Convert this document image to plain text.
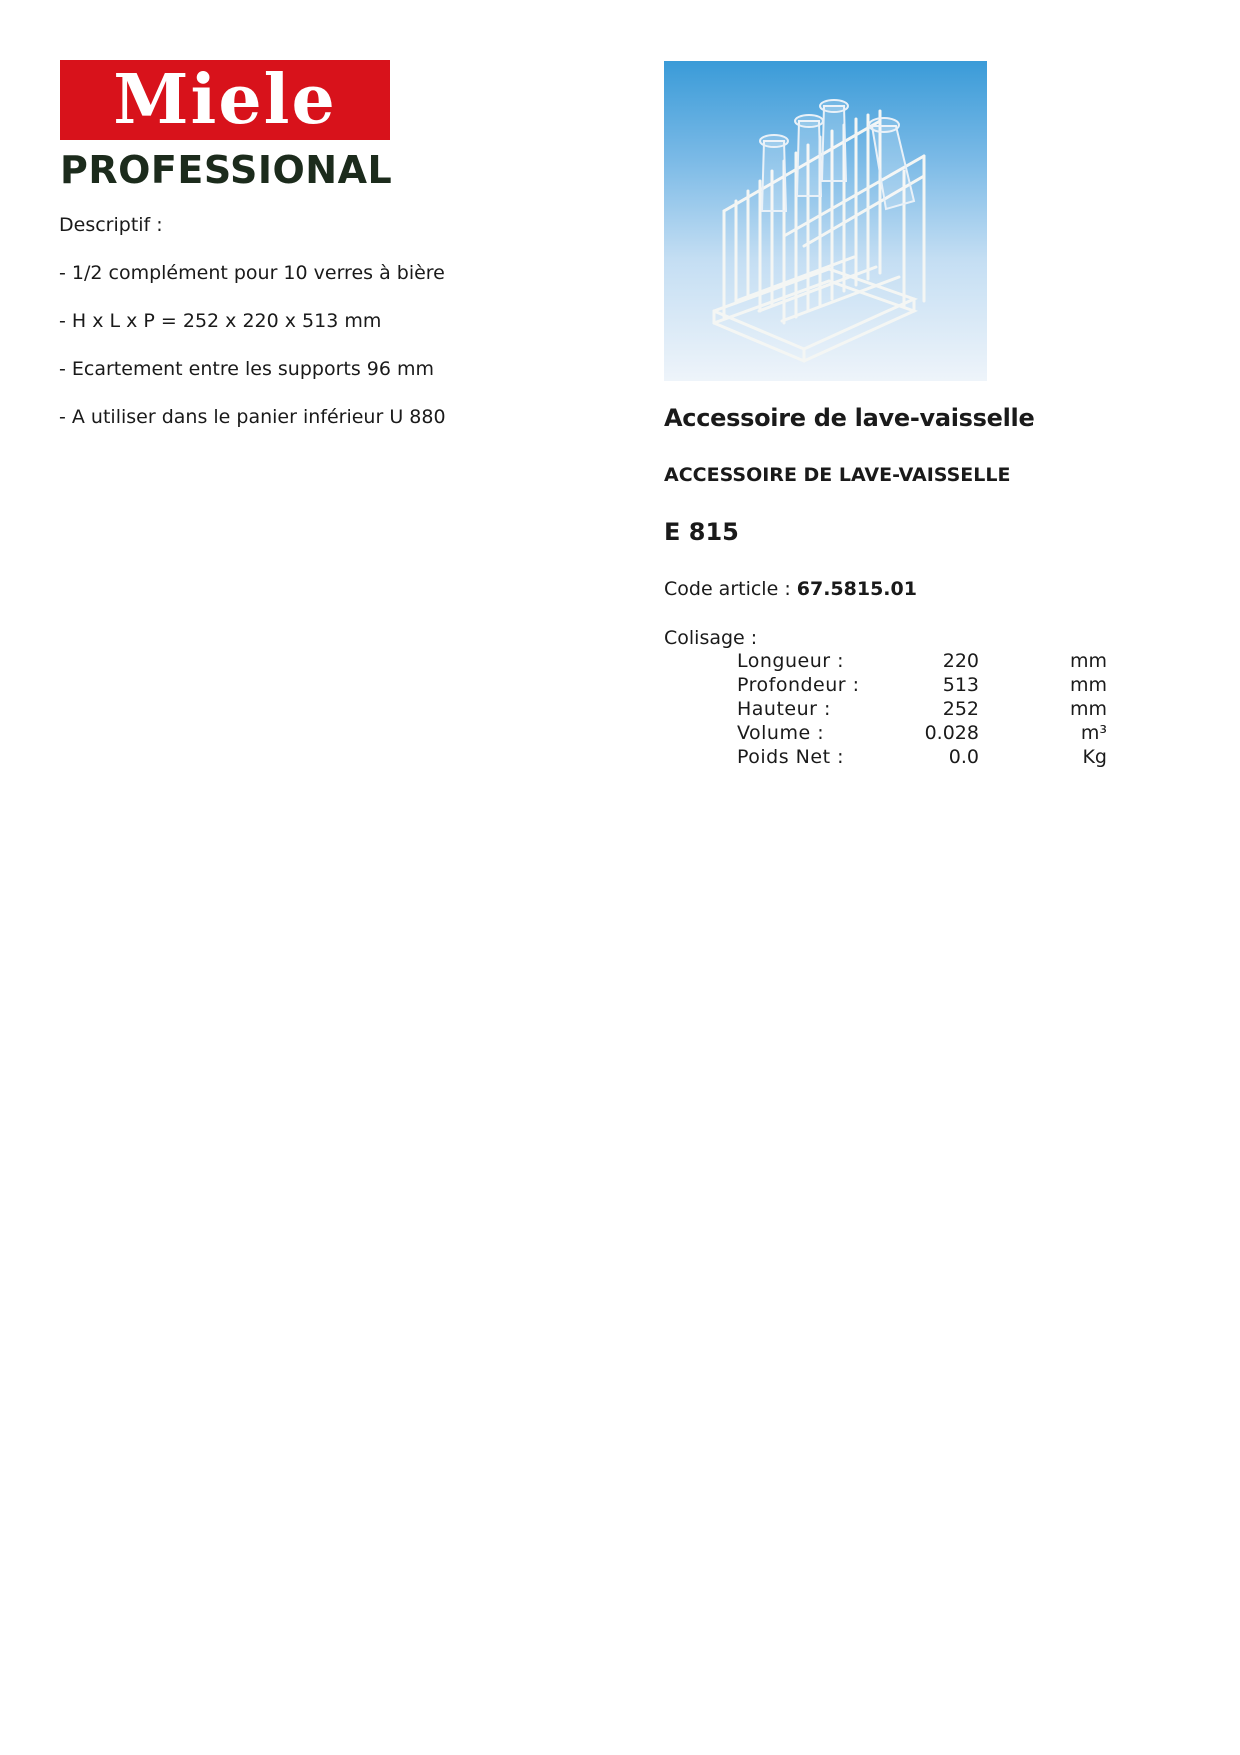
Miele
PROFESSIONAL
Descriptif :
- 1/2 complément pour 10 verres à bière
- H x L x P = 252 x 220 x 513 mm
- Ecartement entre les supports 96 mm
- A utiliser dans le panier inférieur U 880	Accessoire de lave-vaisselle
ACCESSOIRE DE LAVE-VAISSELLE
E 815
Code article : 67.5815.01
Colisage :
Longueur :	220	mm
Profondeur :	513	mm
Hauteur :	252	mm
Volume :	0.028	m³
Poids Net :	0.0	Kg
